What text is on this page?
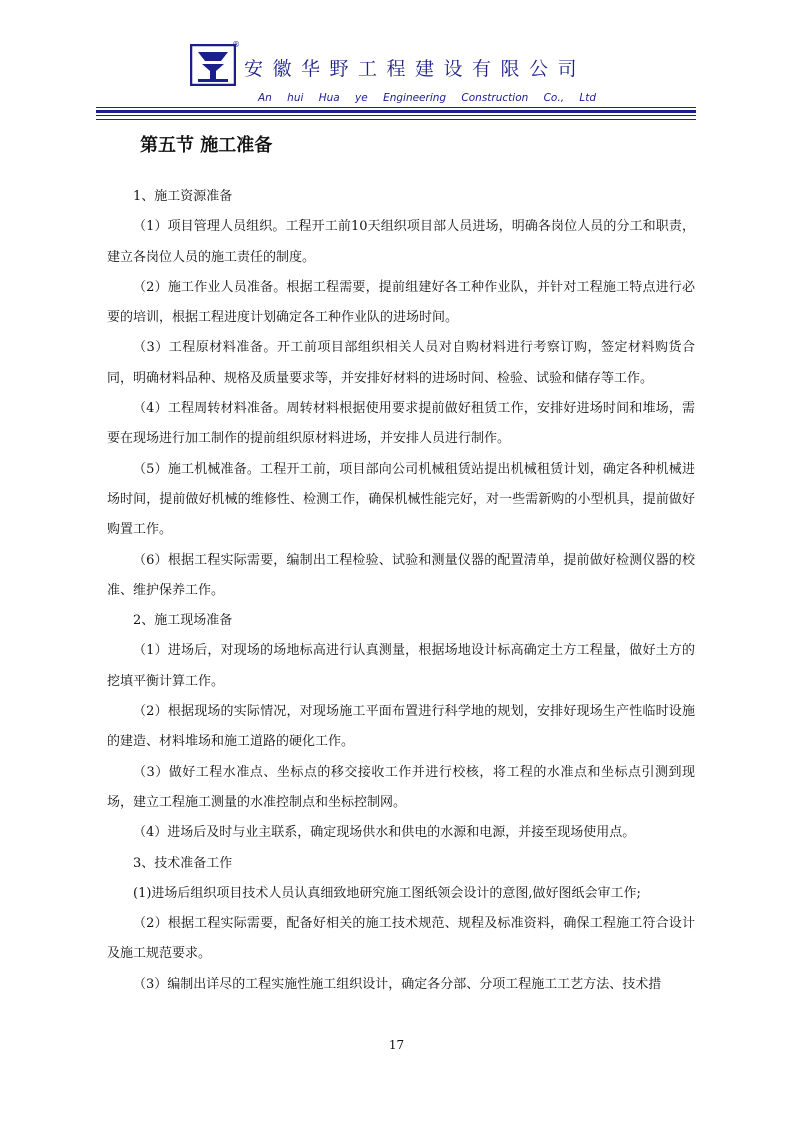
®
安徽华野工程建设有限公司
An hui Hua ye Engineering Construction Co., Ltd
第五节 施工准备

1、施工资源准备

（1）项目管理人员组织。工程开工前10天组织项目部人员进场，明确各岗位人员的分工和职责，建立各岗位人员的施工责任的制度。

（2）施工作业人员准备。根据工程需要，提前组建好各工种作业队，并针对工程施工特点进行必要的培训，根据工程进度计划确定各工种作业队的进场时间。

（3）工程原材料准备。开工前项目部组织相关人员对自购材料进行考察订购，签定材料购货合同，明确材料品种、规格及质量要求等，并安排好材料的进场时间、检验、试验和储存等工作。

（4）工程周转材料准备。周转材料根据使用要求提前做好租赁工作，安排好进场时间和堆场，需要在现场进行加工制作的提前组织原材料进场，并安排人员进行制作。

（5）施工机械准备。工程开工前，项目部向公司机械租赁站提出机械租赁计划，确定各种机械进场时间，提前做好机械的维修性、检测工作，确保机械性能完好，对一些需新购的小型机具，提前做好购置工作。

（6）根据工程实际需要，编制出工程检验、试验和测量仪器的配置清单，提前做好检测仪器的校准、维护保养工作。

2、施工现场准备

（1）进场后，对现场的场地标高进行认真测量，根据场地设计标高确定土方工程量，做好土方的挖填平衡计算工作。

（2）根据现场的实际情况，对现场施工平面布置进行科学地的规划，安排好现场生产性临时设施的建造、材料堆场和施工道路的硬化工作。

（3）做好工程水准点、坐标点的移交接收工作并进行校核，将工程的水准点和坐标点引测到现场，建立工程施工测量的水准控制点和坐标控制网。

（4）进场后及时与业主联系，确定现场供水和供电的水源和电源，并接至现场使用点。

3、技术准备工作

(1)进场后组织项目技术人员认真细致地研究施工图纸领会设计的意图,做好图纸会审工作;

（2）根据工程实际需要，配备好相关的施工技术规范、规程及标准资料，确保工程施工符合设计及施工规范要求。

（3）编制出详尽的工程实施性施工组织设计，确定各分部、分项工程施工工艺方法、技术措

17
